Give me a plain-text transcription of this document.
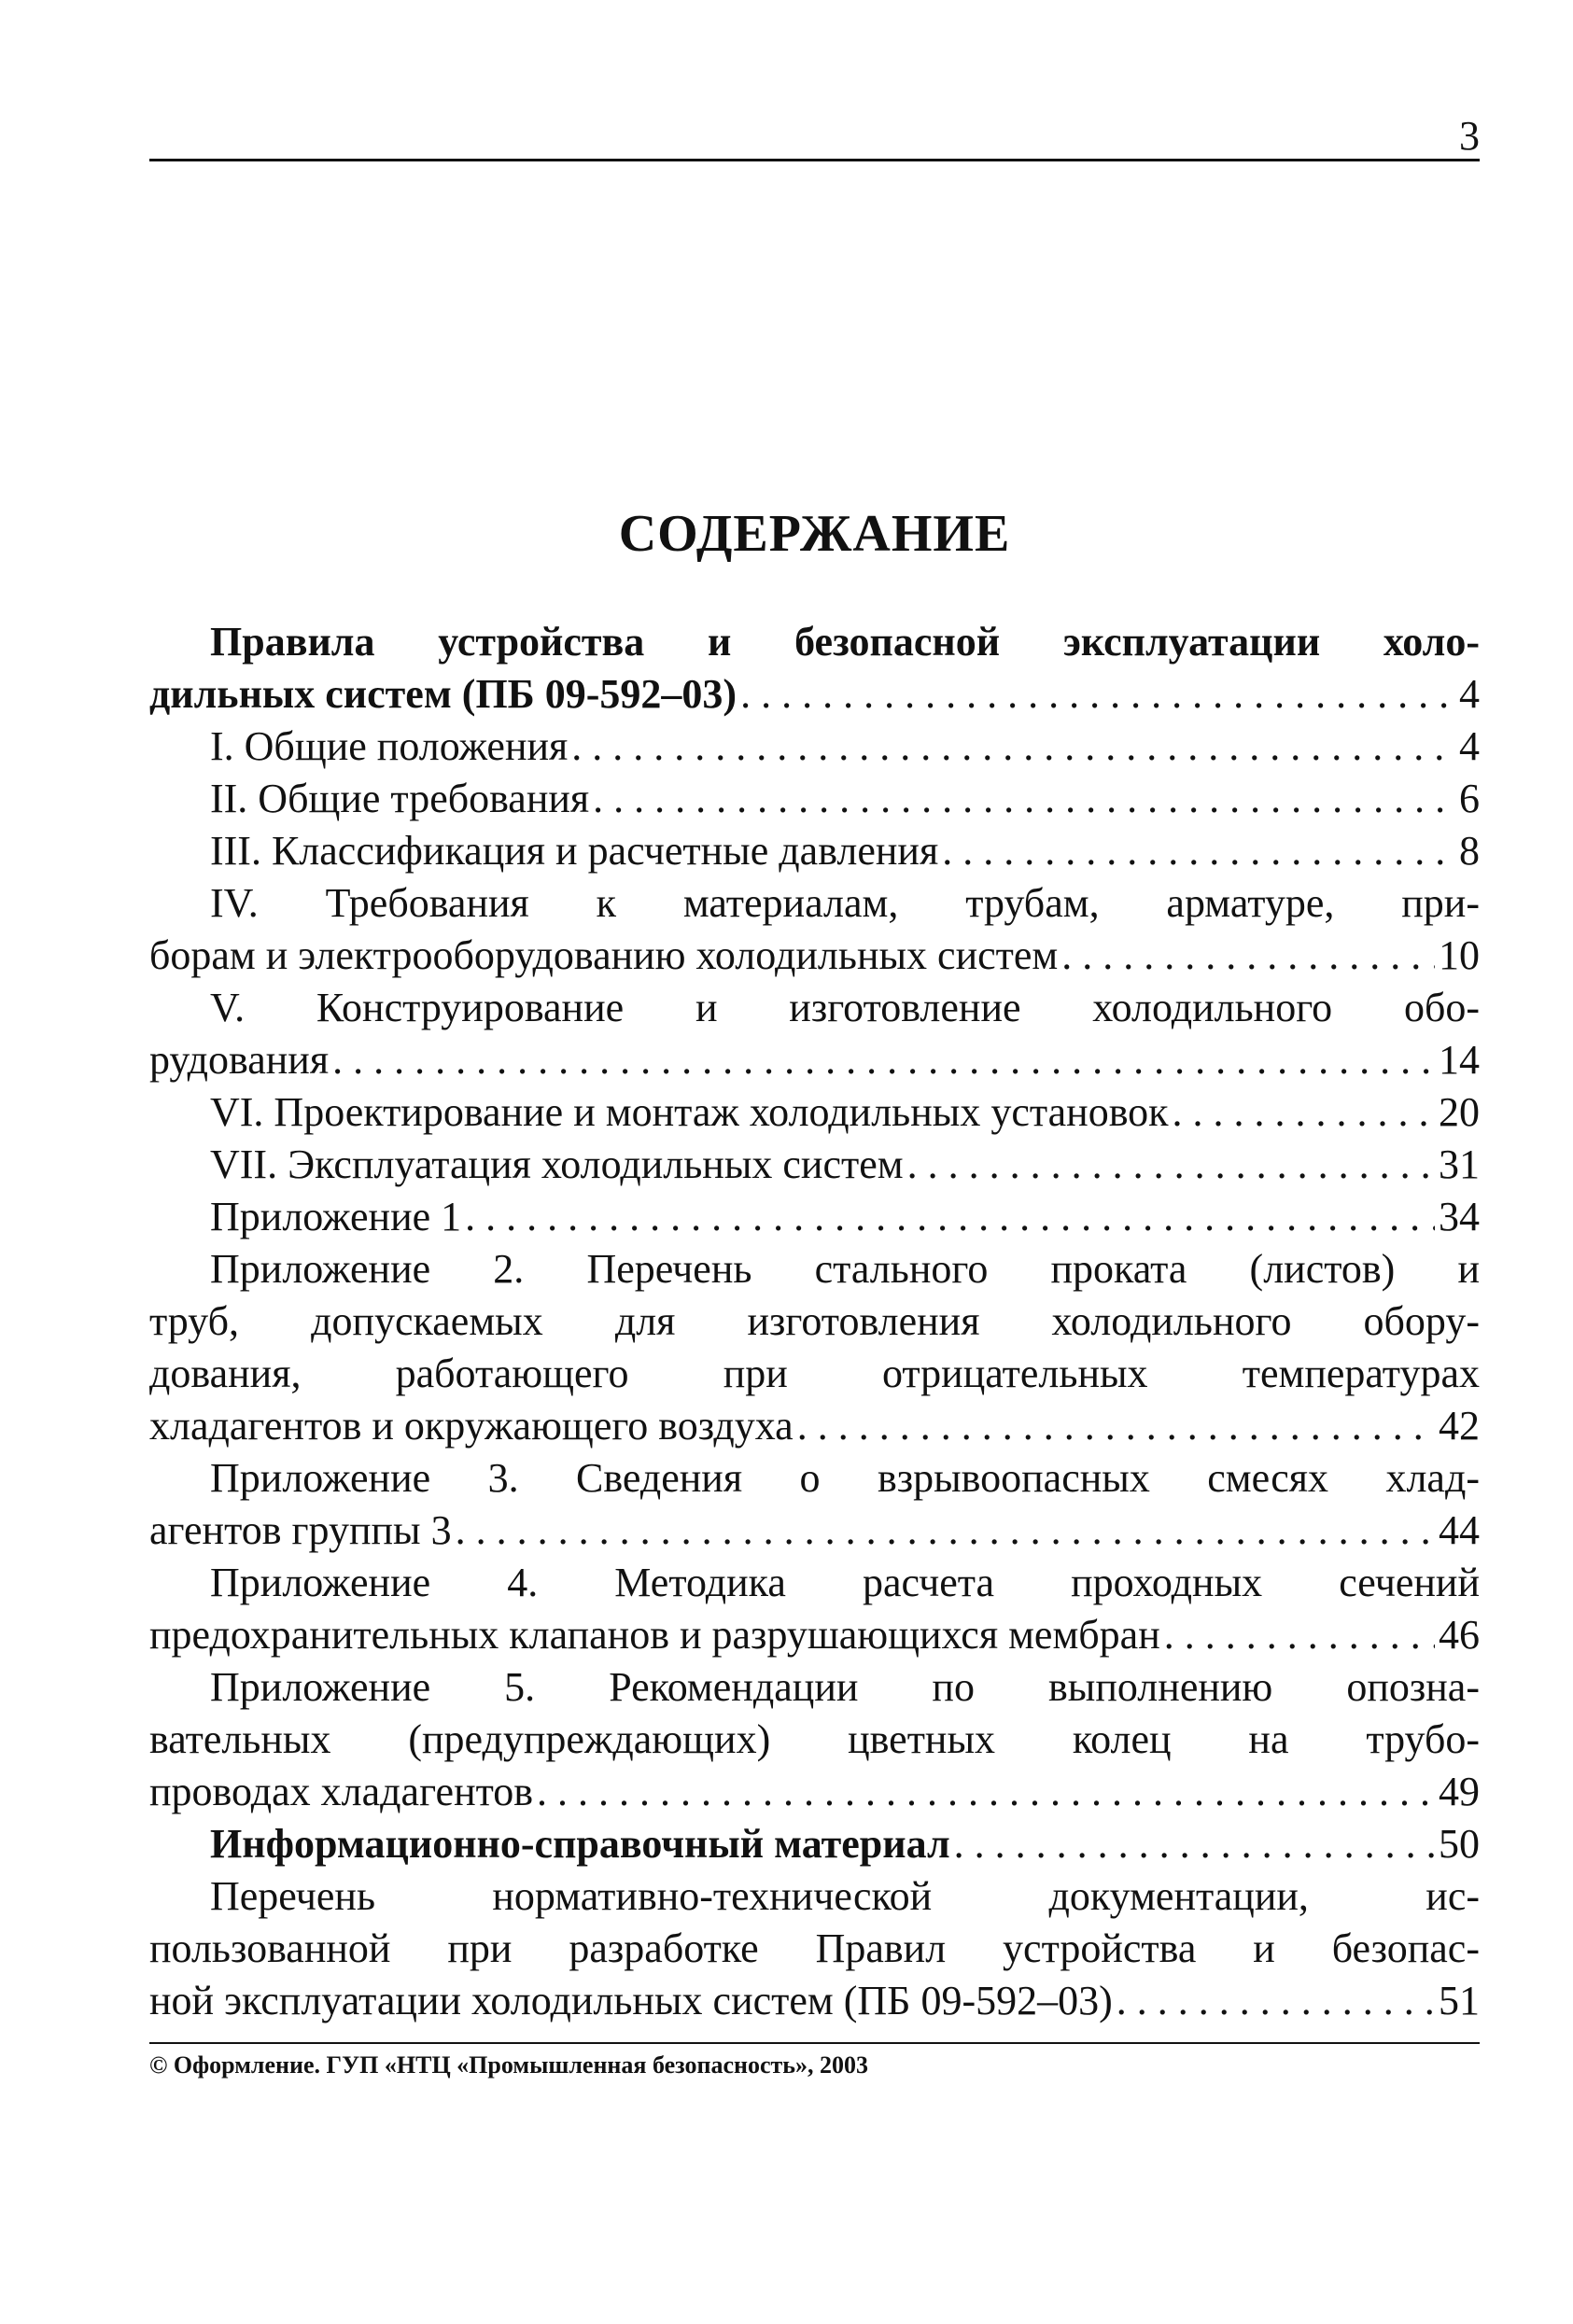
3
СОДЕРЖАНИЕ
Правила устройства и безопасной эксплуатации холо-
дильных систем (ПБ 09-592–03) . . .	4
I. Общие положения . . .	4
II. Общие требования . . .	6
III. Классификация и расчетные давления . . .	8
IV. Требования к материалам, трубам, арматуре, при-
борам и электрооборудованию холодильных систем . . .	10
V. Конструирование и изготовление холодильного обо-
рудования . . .	14
VI. Проектирование и монтаж холодильных установок . . .	20
VII. Эксплуатация холодильных систем . . .	31
Приложение 1 . . .	34
Приложение 2. Перечень стального проката (листов) и
труб, допускаемых для изготовления холодильного обору-
дования, работающего при отрицательных температурах
хладагентов и окружающего воздуха . . .	42
Приложение 3. Сведения о взрывоопасных смесях хлад-
агентов группы 3 . . .	44
Приложение 4. Методика расчета проходных сечений
предохранительных клапанов и разрушающихся мембран . . .	46
Приложение 5. Рекомендации по выполнению опозна-
вательных (предупреждающих) цветных колец на трубо-
проводах хладагентов . . .	49
Информационно-справочный материал . . .	50
Перечень нормативно-технической документации, ис-
пользованной при разработке Правил устройства и безопас-
ной эксплуатации холодильных систем (ПБ 09-592–03) . . .	51
© Оформление. ГУП «НТЦ «Промышленная безопасность», 2003
